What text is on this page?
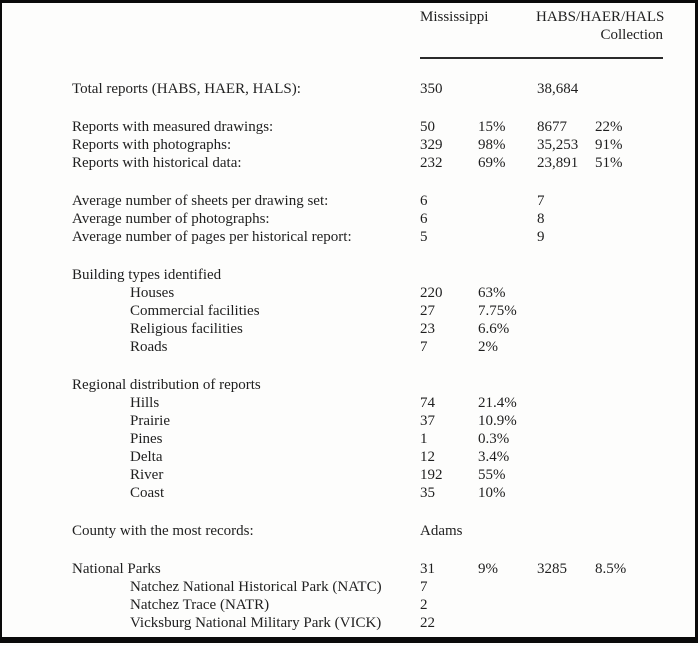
Mississippi	HABS/HAER/HALS
Collection
Total reports (HABS, HAER, HALS):	350	38,684
Reports with measured drawings:	50	15% 8677 22%
Reports with photographs:	329 98% 35,253 91%
Reports with historical data:	232 69% 23,891 51%
Average number of sheets per drawing set:	6	7
Average number of photographs:	6	8
Average number of pages per historical report:	5	9
Building types identified
Houses	220 63%
Commercial facilities	27	7.75%
Religious facilities	23	6.6%
Roads	7	2%
Regional distribution of reports
Hills	74	21.4%
Prairie	37	10.9%
Pines	1	0.3%
Delta	12	3.4%
River	192 55%
Coast	35	10%
County with the most records:	Adams
National Parks	31	9%	3285 8.5%
Natchez National Historical Park (NATC)	7
Natchez Trace (NATR)	2
Vicksburg National Military Park (VICK)	22
